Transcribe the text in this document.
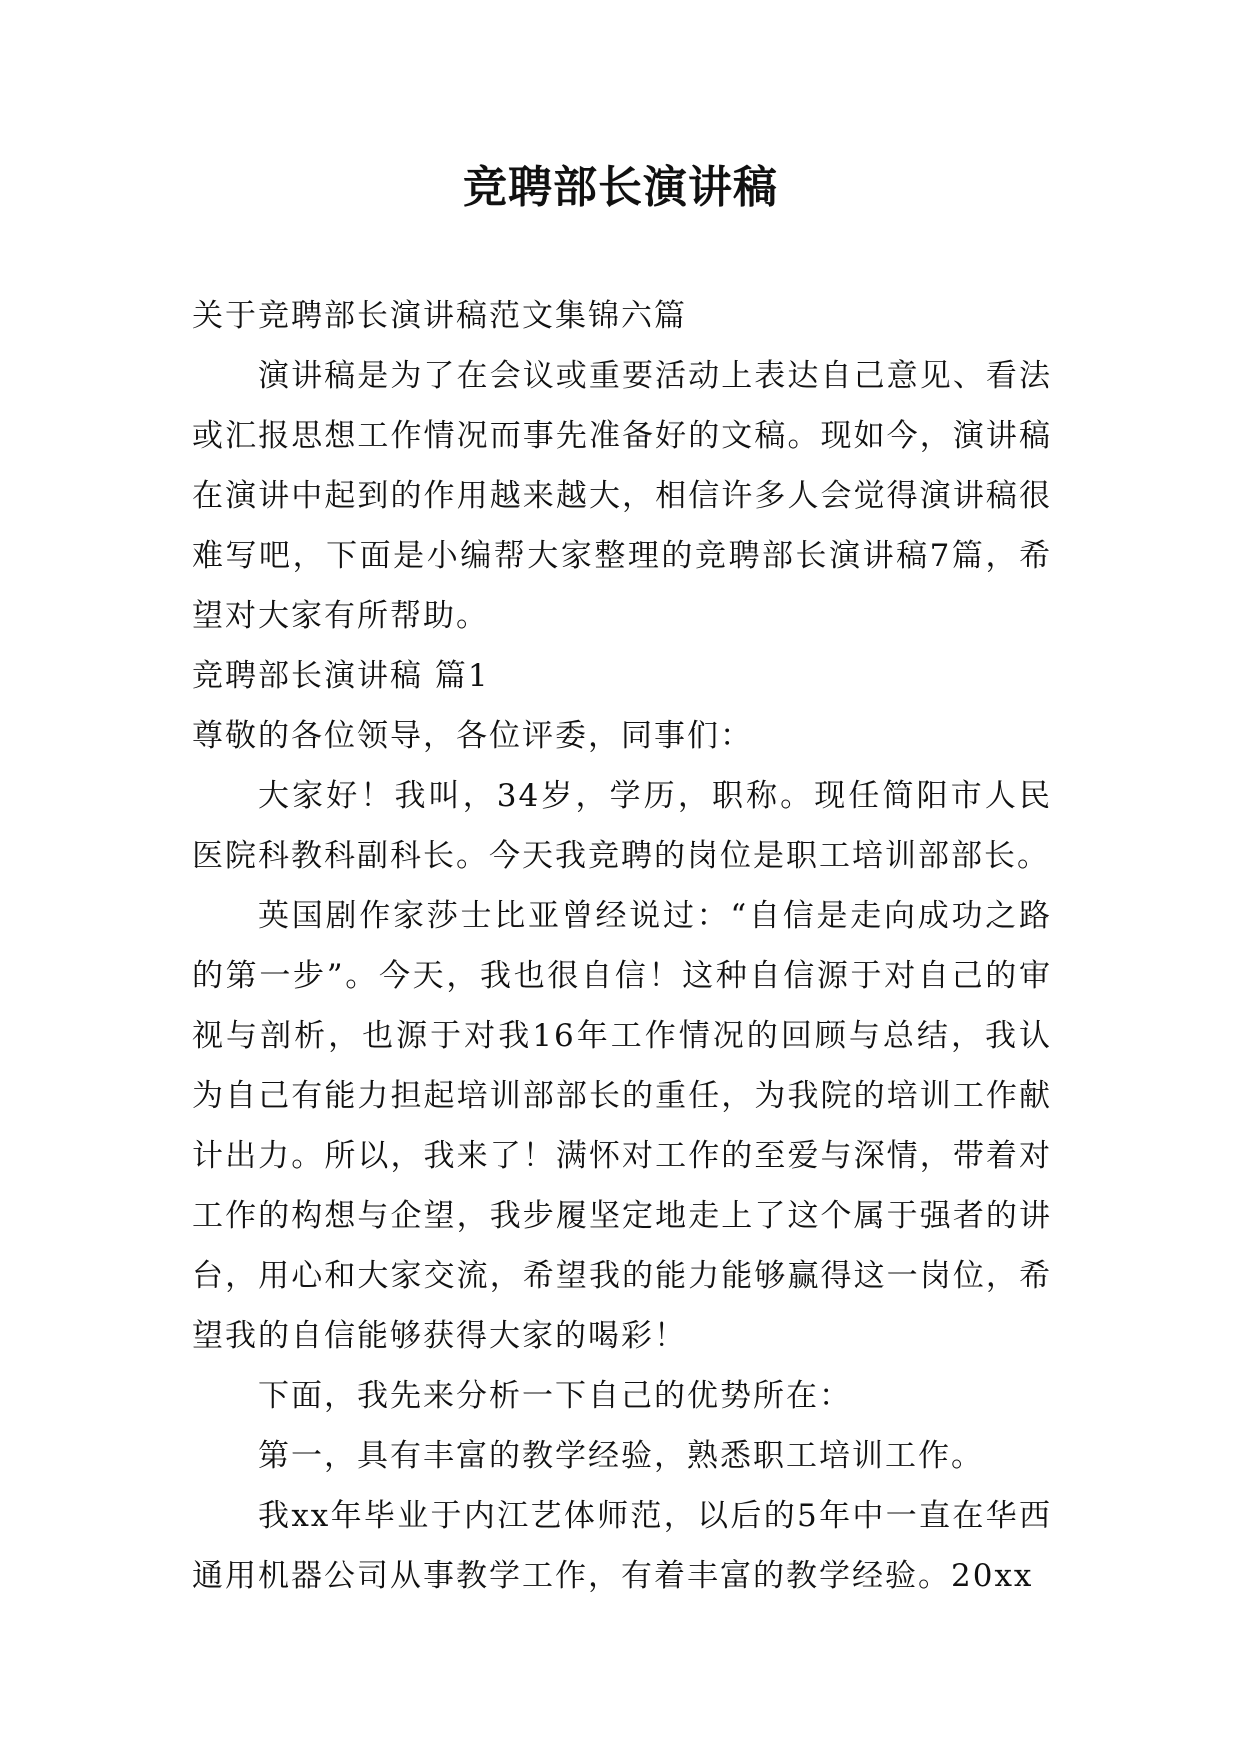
竞聘部长演讲稿

关于竞聘部长演讲稿范文集锦六篇

演讲稿是为了在会议或重要活动上表达自己意见、看法或汇报思想工作情况而事先准备好的文稿。现如今，演讲稿在演讲中起到的作用越来越大，相信许多人会觉得演讲稿很难写吧，下面是小编帮大家整理的竞聘部长演讲稿7篇，希望对大家有所帮助。

竞聘部长演讲稿 篇1

尊敬的各位领导，各位评委，同事们：

大家好！我叫，34岁，学历，职称。现任简阳市人民医院科教科副科长。今天我竞聘的岗位是职工培训部部长。

英国剧作家莎士比亚曾经说过：“自信是走向成功之路的第一步”。今天，我也很自信！这种自信源于对自己的审视与剖析，也源于对我16年工作情况的回顾与总结，我认为自己有能力担起培训部部长的重任，为我院的培训工作献计出力。所以，我来了！满怀对工作的至爱与深情，带着对工作的构想与企望，我步履坚定地走上了这个属于强者的讲台，用心和大家交流，希望我的能力能够赢得这一岗位，希望我的自信能够获得大家的喝彩！

下面，我先来分析一下自己的优势所在：

第一，具有丰富的教学经验，熟悉职工培训工作。

我xx年毕业于内江艺体师范，以后的5年中一直在华西通用机器公司从事教学工作，有着丰富的教学经验。20xx
